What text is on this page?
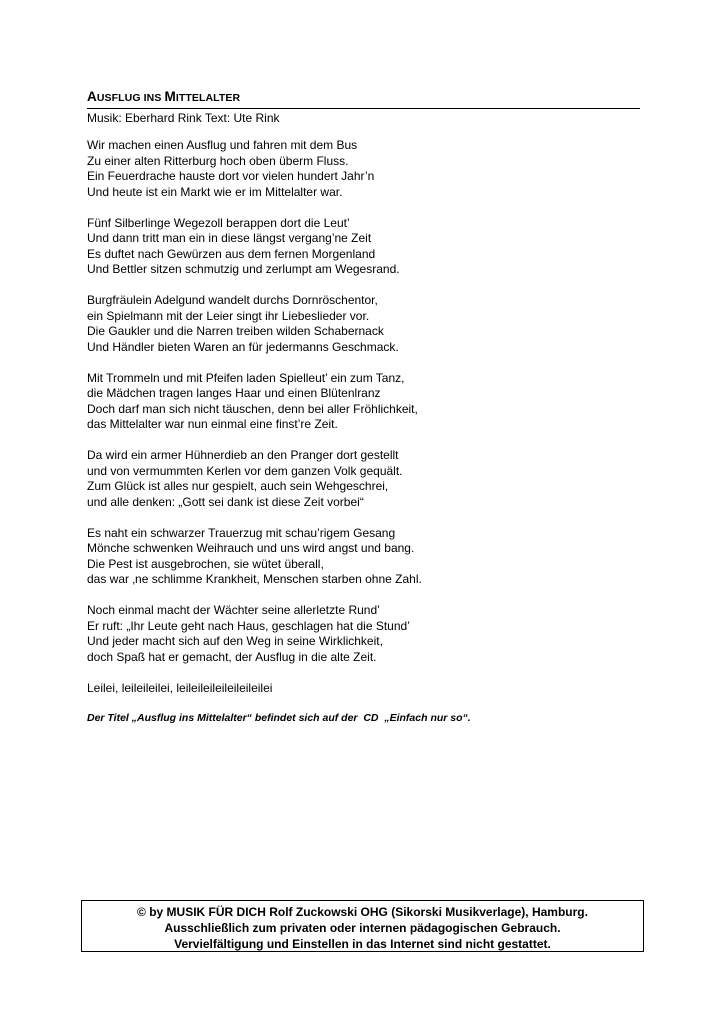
AUSFLUG INS MITTELALTER
Musik: Eberhard Rink Text: Ute Rink
Wir machen einen Ausflug und fahren mit dem Bus
Zu einer alten Ritterburg hoch oben überm Fluss.
Ein Feuerdrache hauste dort vor vielen hundert Jahr’n
Und heute ist ein Markt wie er im Mittelalter war.
Fünf Silberlinge Wegezoll berappen dort die Leut’
Und dann tritt man ein in diese längst vergang’ne Zeit
Es duftet nach Gewürzen aus dem fernen Morgenland
Und Bettler sitzen schmutzig und zerlumpt am Wegesrand.
Burgfräulein Adelgund wandelt durchs Dornröschentor,
ein Spielmann mit der Leier singt ihr Liebeslieder vor.
Die Gaukler und die Narren treiben wilden Schabernack
Und Händler bieten Waren an für jedermanns Geschmack.
Mit Trommeln und mit Pfeifen laden Spielleut’ ein zum Tanz,
die Mädchen tragen langes Haar und einen Blütenlranz
Doch darf man sich nicht täuschen, denn bei aller Fröhlichkeit,
das Mittelalter war nun einmal eine finst’re Zeit.
Da wird ein armer Hühnerdieb an den Pranger dort gestellt
und von vermummten Kerlen vor dem ganzen Volk gequält.
Zum Glück ist alles nur gespielt, auch sein Wehgeschrei,
und alle denken: „Gott sei dank ist diese Zeit vorbei“
Es naht ein schwarzer Trauerzug mit schau’rigem Gesang
Mönche schwenken Weihrauch und uns wird angst und bang.
Die Pest ist ausgebrochen, sie wütet überall,
das war ‚ne schlimme Krankheit, Menschen starben ohne Zahl.
Noch einmal macht der Wächter seine allerletzte Rund’
Er ruft: „Ihr Leute geht nach Haus, geschlagen hat die Stund’
Und jeder macht sich auf den Weg in seine Wirklichkeit,
doch Spaß hat er gemacht, der Ausflug in die alte Zeit.
Leilei, leileileilei, leileileileileileileilei
Der Titel „Ausflug ins Mittelalter“ befindet sich auf der  CD  „Einfach nur so“.
© by MUSIK FÜR DICH Rolf Zuckowski OHG (Sikorski Musikverlage), Hamburg.
Ausschließlich zum privaten oder internen pädagogischen Gebrauch.
Vervielfältigung und Einstellen in das Internet sind nicht gestattet.
